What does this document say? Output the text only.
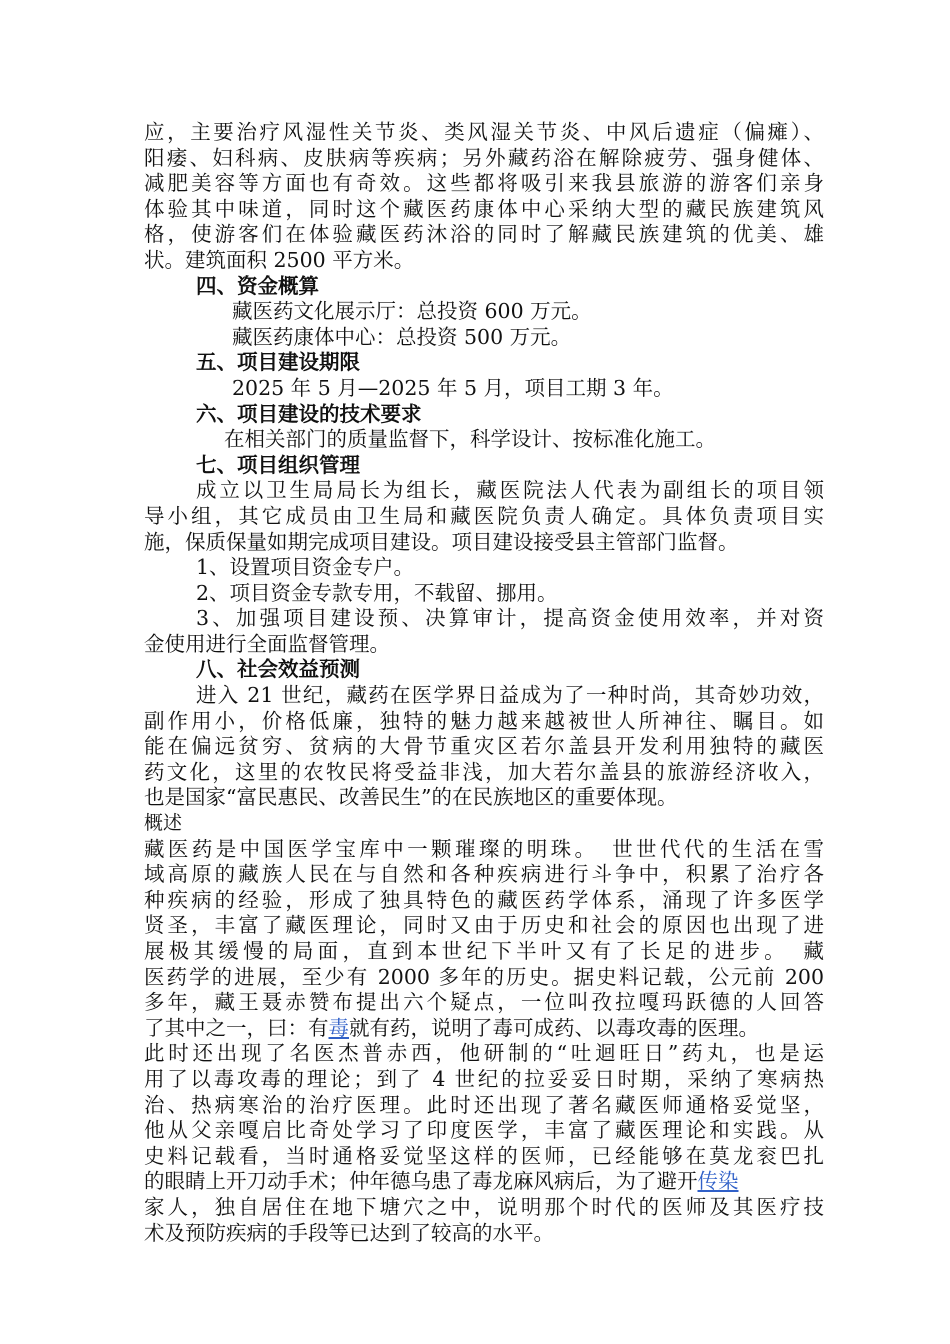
应，主要治疗风湿性关节炎、类风湿关节炎、中风后遗症（偏瘫）、
阳痿、妇科病、皮肤病等疾病；另外藏药浴在解除疲劳、强身健体、
减肥美容等方面也有奇效。这些都将吸引来我县旅游的游客们亲身
体验其中味道，同时这个藏医药康体中心采纳大型的藏民族建筑风
格，使游客们在体验藏医药沐浴的同时了解藏民族建筑的优美、雄
状。建筑面积 2500 平方米。
四、资金概算
藏医药文化展示厅：总投资 600 万元。
藏医药康体中心：总投资 500 万元。
五、项目建设期限
2025 年 5 月—2025 年 5 月，项目工期 3 年。
六、项目建设的技术要求
在相关部门的质量监督下，科学设计、按标准化施工。
七、项目组织管理
成立以卫生局局长为组长，藏医院法人代表为副组长的项目领
导小组，其它成员由卫生局和藏医院负责人确定。具体负责项目实
施，保质保量如期完成项目建设。项目建设接受县主管部门监督。
1、设置项目资金专户。
2、项目资金专款专用，不载留、挪用。
3、加强项目建设预、决算审计，提高资金使用效率，并对资
金使用进行全面监督管理。
八、社会效益预测
进入 21 世纪，藏药在医学界日益成为了一种时尚，其奇妙功效，
副作用小，价格低廉，独特的魅力越来越被世人所神往、瞩目。如
能在偏远贫穷、贫病的大骨节重灾区若尔盖县开发利用独特的藏医
药文化，这里的农牧民将受益非浅，加大若尔盖县的旅游经济收入，
也是国家“富民惠民、改善民生”的在民族地区的重要体现。
概述
藏医药是中国医学宝库中一颗璀璨的明珠。　世世代代的生活在雪
域高原的藏族人民在与自然和各种疾病进行斗争中，积累了治疗各
种疾病的经验，形成了独具特色的藏医药学体系，涌现了许多医学
贤圣，丰富了藏医理论，同时又由于历史和社会的原因也出现了进
展极其缓慢的局面，直到本世纪下半叶又有了长足的进步。　藏
医药学的进展，至少有 2000 多年的历史。据史料记载，公元前 200
多年，藏王聂赤赞布提出六个疑点，一位叫孜拉嘎玛跃德的人回答
了其中之一，曰：有毒就有药，说明了毒可成药、以毒攻毒的医理。
此时还出现了名医杰普赤西，他研制的“吐迴旺日”药丸，也是运
用了以毒攻毒的理论；到了 4 世纪的拉妥妥日时期，采纳了寒病热
治、热病寒治的治疗医理。此时还出现了著名藏医师通格妥觉坚，
他从父亲嘎启比奇处学习了印度医学，丰富了藏医理论和实践。从
史料记载看，当时通格妥觉坚这样的医师，已经能够在莫龙衮巴扎
的眼睛上开刀动手术；仲年德乌患了毒龙麻风病后，为了避开传染
家人，独自居住在地下塘穴之中，说明那个时代的医师及其医疗技
术及预防疾病的手段等已达到了较高的水平。
